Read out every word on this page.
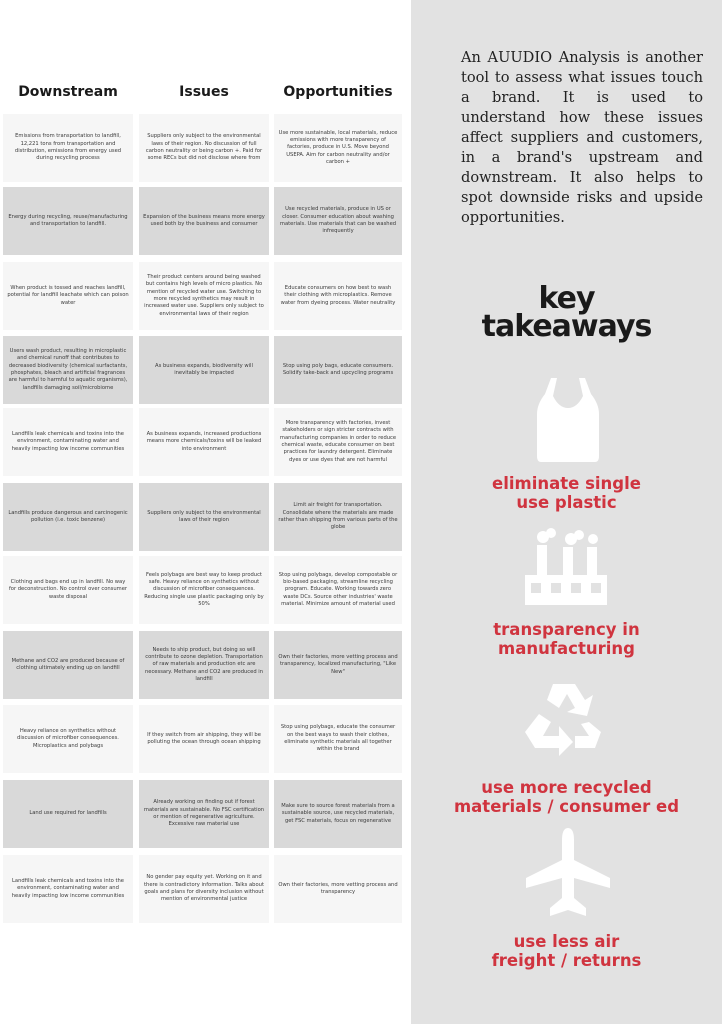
Downstream	Issues	Opportunities
Emissions from transportation to landfill, 12,221 tons from transportation and distribution, emissions from energy used during recycling process
Suppliers only subject to the environmental laws of their region. No discussion of full carbon neutrality or being carbon +. Paid for some RECs but did not disclose where from
Use more sustainable, local materials, reduce emissions with more transparency of factories, produce in U.S. Move beyond USEPA. Aim for carbon neutrality and/or carbon +
Energy during recycling, reuse/manufacturing and transportation to landfill.
Expansion of the business means more energy used both by the business and consumer
Use recycled materials, produce in US or closer. Consumer education about washing materials. Use materials that can be washed infrequently
When product is tossed and reaches landfill, potential for landfill leachate which can poison water
Their product centers around being washed but contains high levels of micro plastics. No mention of recycled water use. Switching to more recycled synthetics may result in increased water use. Suppliers only subject to environmental laws of their region
Educate consumers on how best to wash their clothing with microplastics. Remove water from dyeing process. Water neutrality
Users wash product, resulting in microplastic and chemical runoff that contributes to decreased biodiversity (chemical surfactants, phosphates, bleach and artificial fragrances are harmful to harmful to aquatic organisms), landfills damaging soil/microbiome
As business expands, biodiversity will inevitably be impacted
Stop using poly bags, educate consumers. Solidify take-back and upcycling programs
Landfills leak chemicals and toxins into the environment, contaminating water and heavily impacting low income communities
As business expands, increased productions means more chemicals/toxins will be leaked into environment
More transparency with factories, invest stakeholders or sign stricter contracts with manufacturing companies in order to reduce chemical waste, educate consumer on best practices for laundry detergent. Eliminate dyes or use dyes that are not harmful
Landfills produce dangerous and carcinogenic pollution (i.e. toxic benzene)
Suppliers only subject to the environmental laws of their region
Limit air freight for transportation. Consolidate where the materials are made rather than shipping from various parts of the globe
Clothing and bags end up in landfill. No way for deconstruction. No control over consumer waste disposal
Feels polybags are best way to keep product safe. Heavy reliance on synthetics without discussion of microfiber consequences. Reducing single use plastic packaging only by 50%
Stop using polybags, develop compostable or bio-based packaging, streamline recycling program. Educate. Working towards zero waste DCs. Source other industries' waste material. Minimize amount of material used
Methane and CO2 are produced because of clothing ultimately ending up on landfill
Needs to ship product, but doing so will contribute to ozone depletion. Transportation of raw materials and production etc are necessary. Methane and CO2 are produced in landfill
Own their factories, more vetting process and transparency, localized manufacturing, "Like New"
Heavy reliance on synthetics without discussion of microfiber consequences. Microplastics and polybags
If they switch from air shipping, they will be polluting the ocean through ocean shipping
Stop using polybags, educate the consumer on the best ways to wash their clothes, eliminate synthetic materials all together within the brand
Land use required for landfills
Already working on finding out if forest materials are sustainable. No FSC certification or mention of regenerative agriculture. Excessive raw material use
Make sure to source forest materials from a sustainable source, use recycled materials, get FSC materials, focus on regenerative
Landfills leak chemicals and toxins into the environment, contaminating water and heavily impacting low income communities
No gender pay equity yet. Working on it and there is contradictory information. Talks about goals and plans for diversity inclusion without mention of environmental justice
Own their factories, more vetting process and transparency
An AUUDIO Analysis is another tool to assess what issues touch a brand. It is used to understand how these issues affect suppliers and customers, in a brand's upstream and downstream. It also helps to spot downside risks and upside opportunities.
key
takeaways
eliminate single
use plastic
transparency in
manufacturing
use more recycled
materials / consumer ed
use less air
freight / returns
